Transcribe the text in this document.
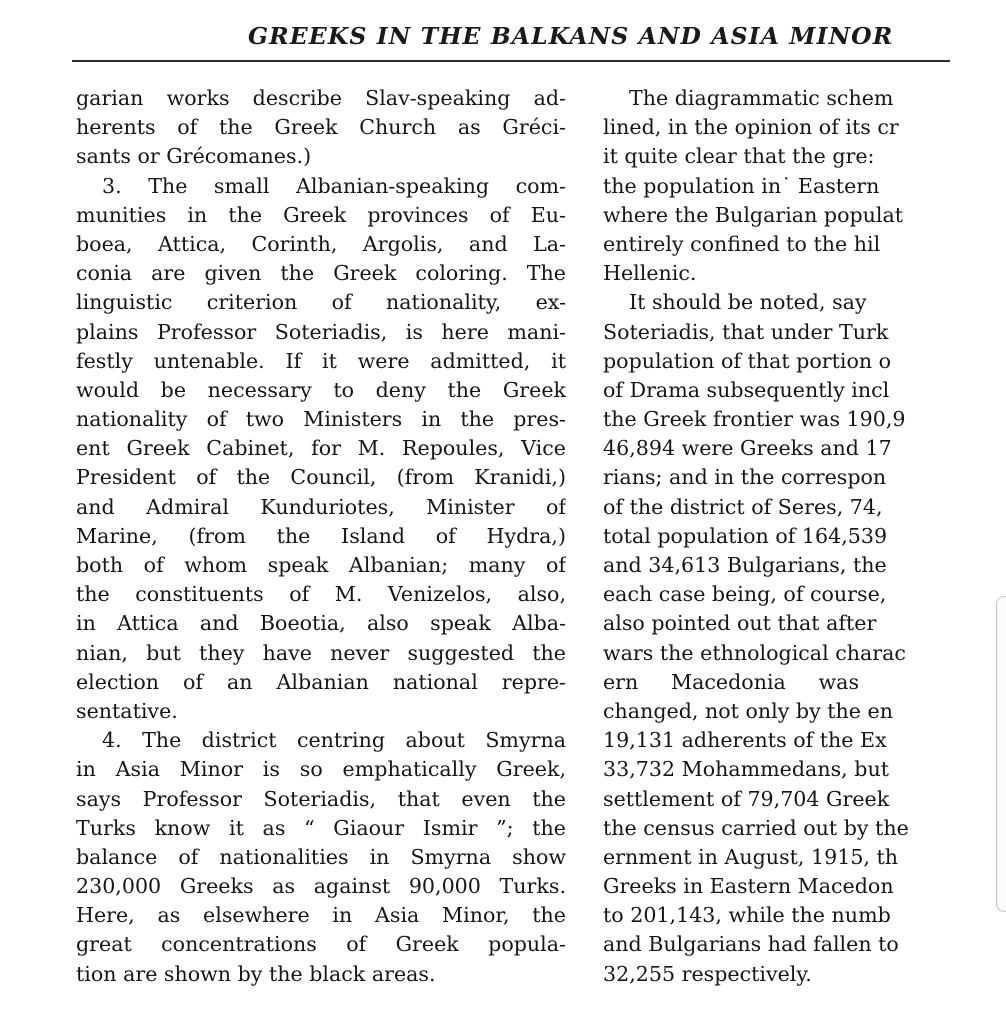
GREEKS IN THE BALKANS AND ASIA MINOR
garian works describe Slav-speaking ad-
herents of the Greek Church as Gréci-
sants or Grécomanes.)
3. The small Albanian-speaking com-
munities in the Greek provinces of Eu-
boea, Attica, Corinth, Argolis, and La-
conia are given the Greek coloring. The
linguistic criterion of nationality, ex-
plains Professor Soteriadis, is here mani-
festly untenable. If it were admitted, it
would be necessary to deny the Greek
nationality of two Ministers in the pres-
ent Greek Cabinet, for M. Repoules, Vice
President of the Council, (from Kranidi,)
and Admiral Kunduriotes, Minister of
Marine, (from the Island of Hydra,)
both of whom speak Albanian; many of
the constituents of M. Venizelos, also,
in Attica and Boeotia, also speak Alba-
nian, but they have never suggested the
election of an Albanian national repre-
sentative.
4. The district centring about Smyrna
in Asia Minor is so emphatically Greek,
says Professor Soteriadis, that even the
Turks know it as “ Giaour Ismir ”; the
balance of nationalities in Smyrna show
230,000 Greeks as against 90,000 Turks.
Here, as elsewhere in Asia Minor, the
great concentrations of Greek popula-
tion are shown by the black areas.
The diagrammatic schem
lined, in the opinion of its cr
it quite clear that the gre:
the population in˙ Eastern
where the Bulgarian populat
entirely confined to the hil
Hellenic.
It should be noted, say
Soteriadis, that under Turk
population of that portion o
of Drama subsequently incl
the Greek frontier was 190,9
46,894 were Greeks and 17
rians; and in the correspon
of the district of Seres, 74,
total population of 164,539
and 34,613 Bulgarians, the
each case being, of course,
also pointed out that after
wars the ethnological charac
ern     Macedonia     was
changed, not only by the en
19,131 adherents of the Ex
33,732 Mohammedans, but
settlement of 79,704 Greek
the census carried out by the
ernment in August, 1915, th
Greeks in Eastern Macedon
to 201,143, while the numb
and Bulgarians had fallen to
32,255 respectively.
